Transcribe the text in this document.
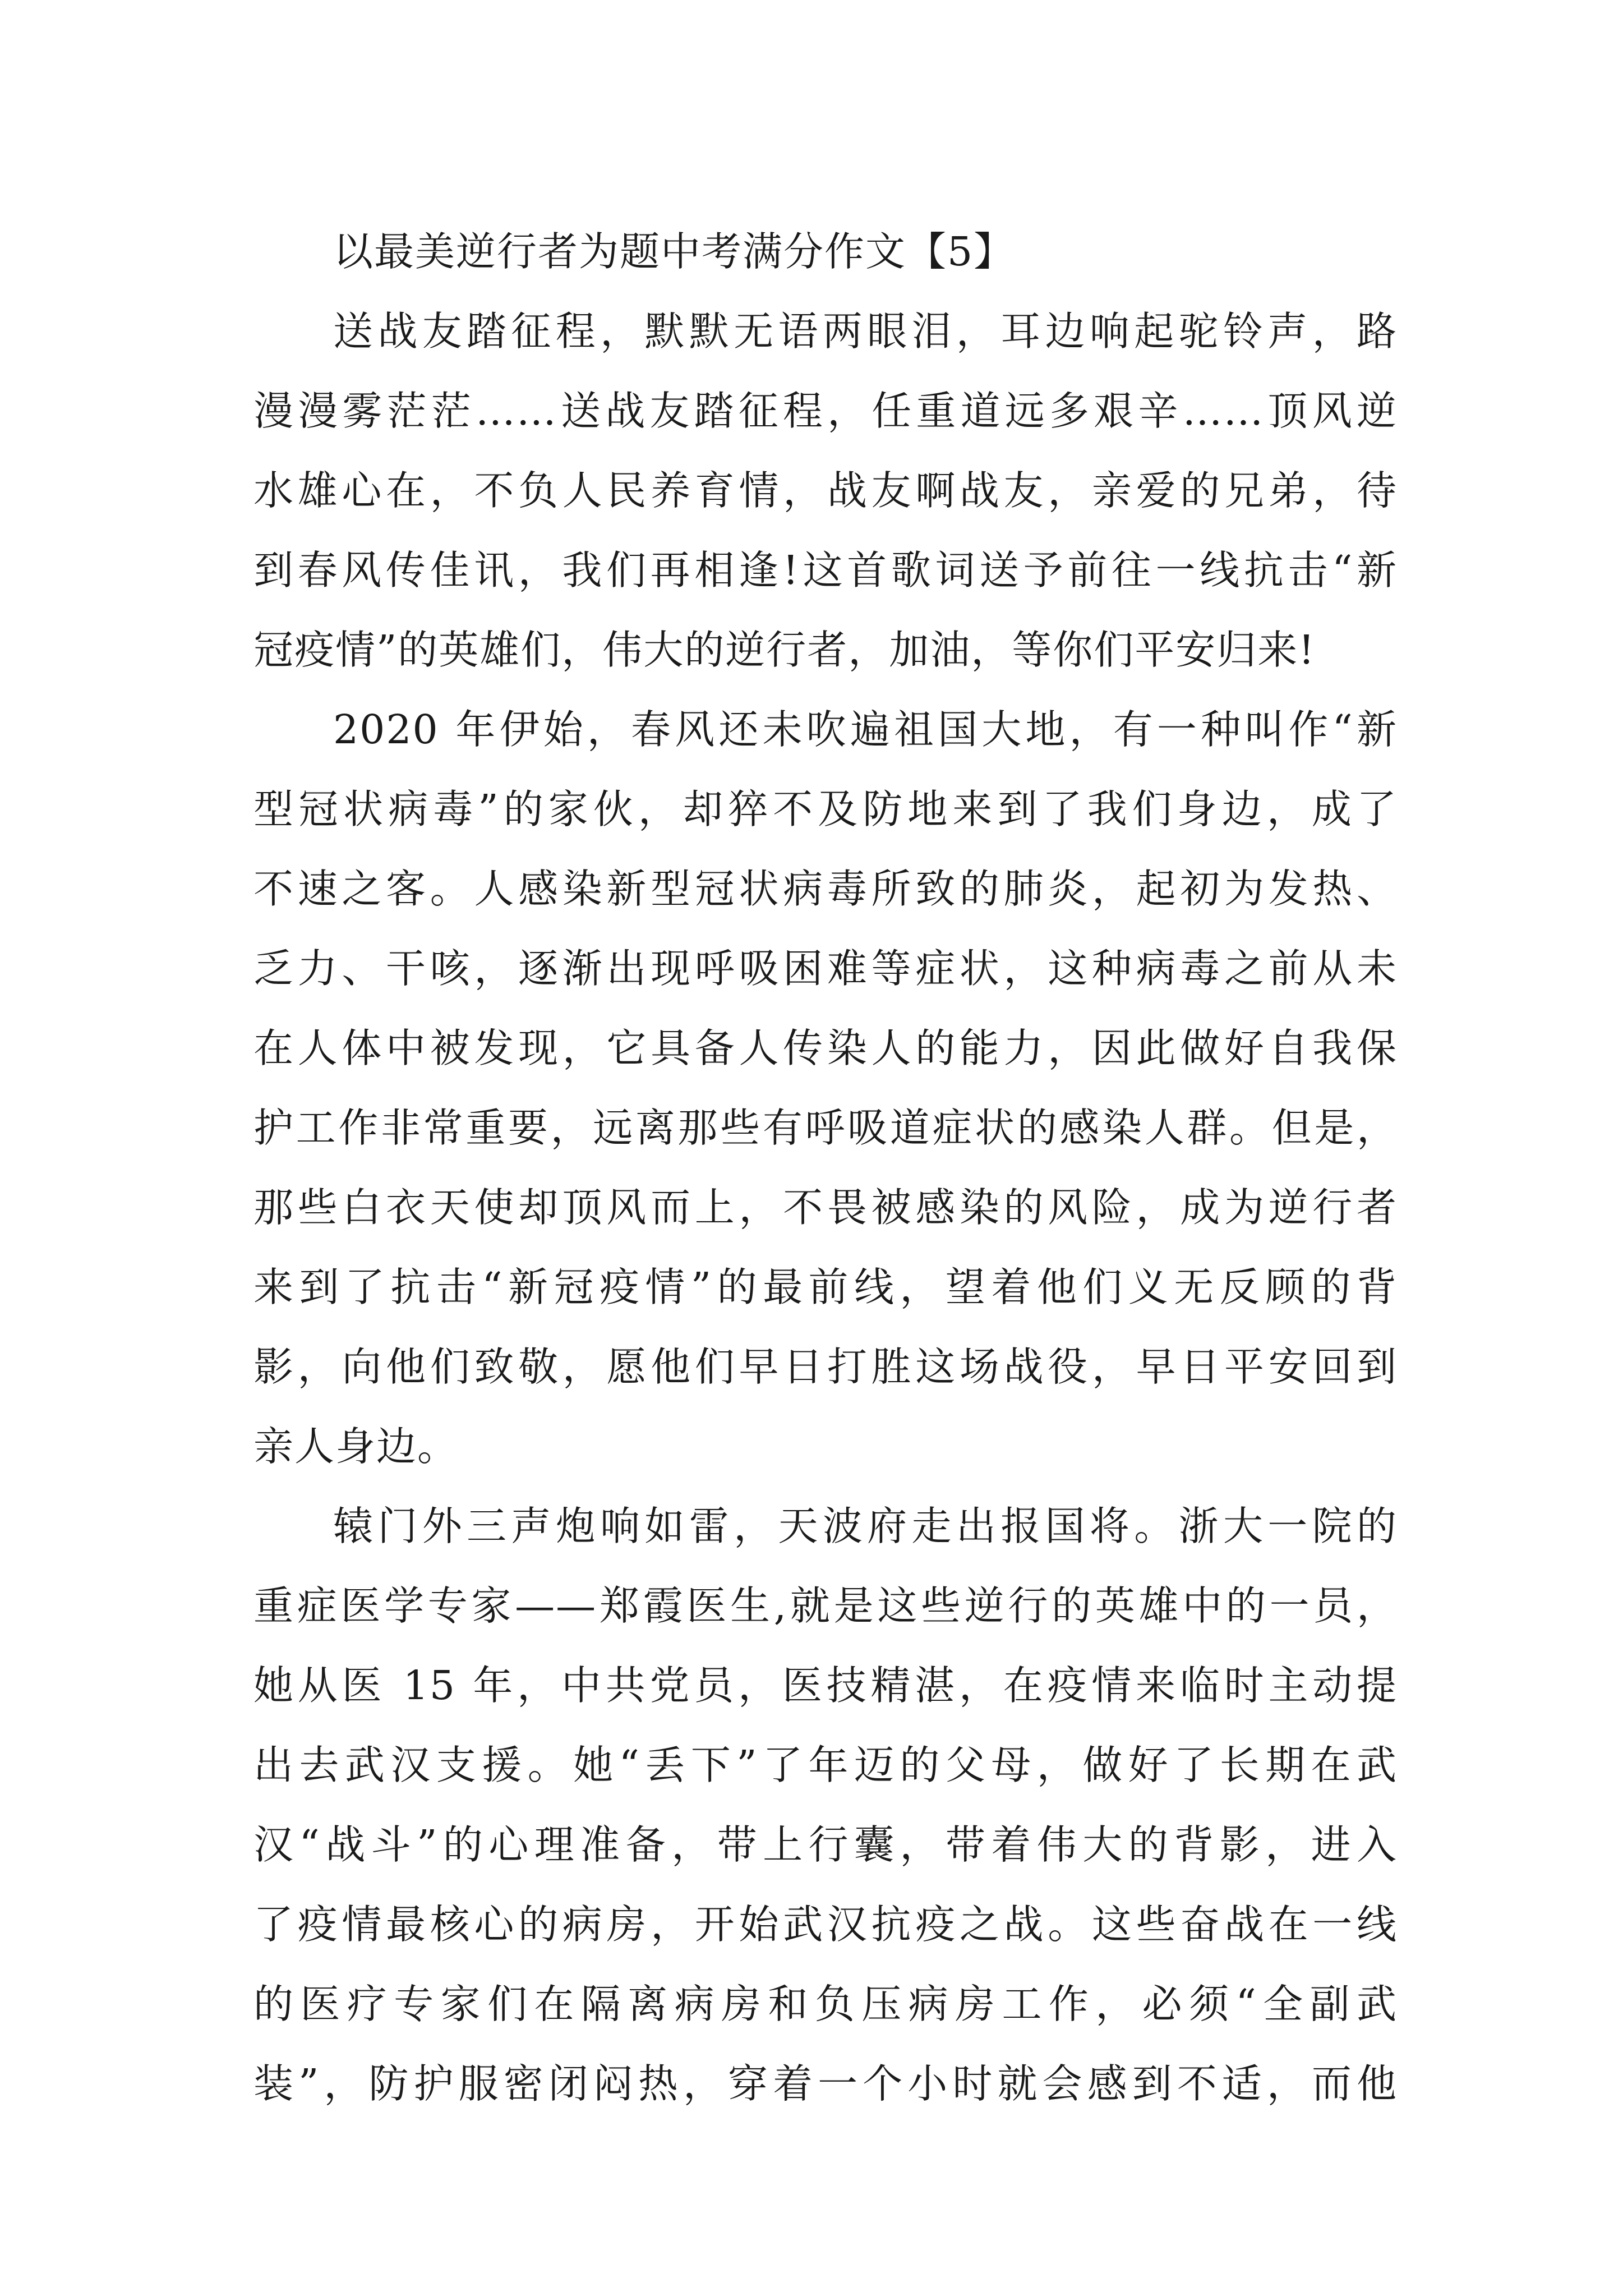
以最美逆行者为题中考满分作文【5】
送战友踏征程，默默无语两眼泪，耳边响起驼铃声，路
漫漫雾茫茫……送战友踏征程，任重道远多艰辛……顶风逆
水雄心在，不负人民养育情，战友啊战友，亲爱的兄弟，待
到春风传佳讯，我们再相逢!这首歌词送予前往一线抗击“新
冠疫情”的英雄们，伟大的逆行者，加油，等你们平安归来!
2020 年伊始，春风还未吹遍祖国大地，有一种叫作“新
型冠状病毒”的家伙，却猝不及防地来到了我们身边，成了
不速之客。人感染新型冠状病毒所致的肺炎，起初为发热、
乏力、干咳，逐渐出现呼吸困难等症状，这种病毒之前从未
在人体中被发现，它具备人传染人的能力，因此做好自我保
护工作非常重要，远离那些有呼吸道症状的感染人群。但是，
那些白衣天使却顶风而上，不畏被感染的风险，成为逆行者
来到了抗击“新冠疫情”的最前线，望着他们义无反顾的背
影，向他们致敬，愿他们早日打胜这场战役，早日平安回到
亲人身边。
辕门外三声炮响如雷，天波府走出报国将。浙大一院的
重症医学专家——郑霞医生,就是这些逆行的英雄中的一员，
她从医 15 年，中共党员，医技精湛，在疫情来临时主动提
出去武汉支援。她“丢下”了年迈的父母，做好了长期在武
汉“战斗”的心理准备，带上行囊，带着伟大的背影，进入
了疫情最核心的病房，开始武汉抗疫之战。这些奋战在一线
的医疗专家们在隔离病房和负压病房工作，必须“全副武
装”，防护服密闭闷热，穿着一个小时就会感到不适，而他
